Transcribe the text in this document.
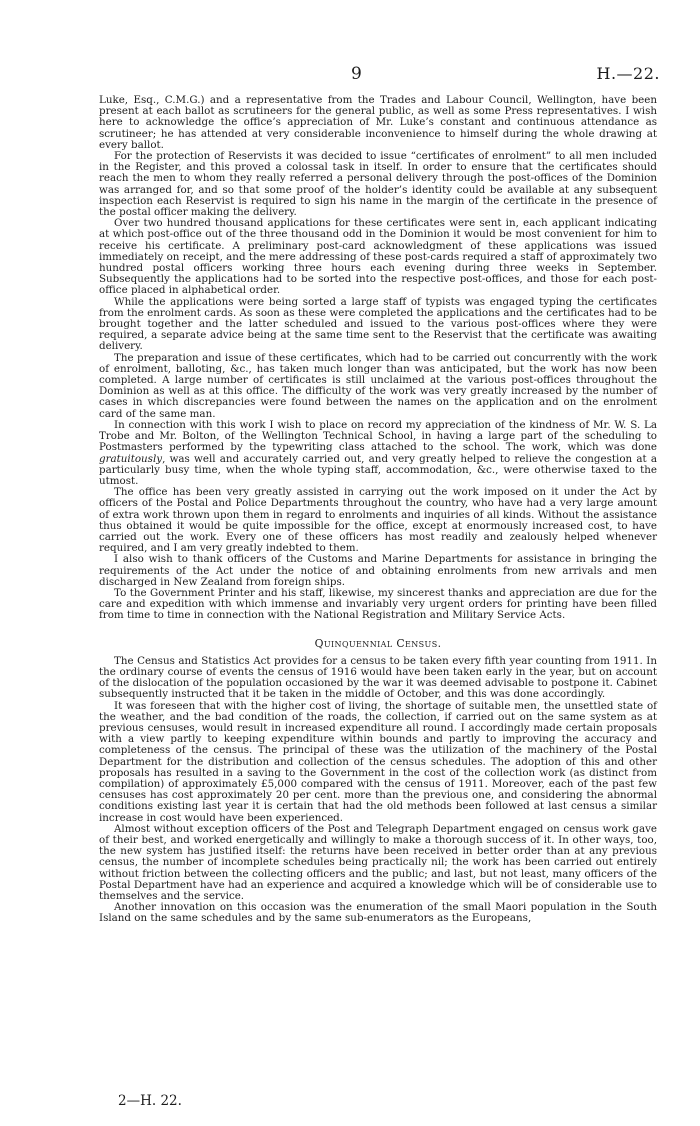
9	H.—22.

Luke, Esq., C.M.G.) and a representative from the Trades and Labour Council, Wellington, have been present at each ballot as scrutineers for the general public, as well as some Press representatives. I wish here to acknowledge the office’s appreciation of Mr. Luke’s constant and continuous attendance as scrutineer; he has attended at very considerable inconvenience to himself during the whole drawing at every ballot.

For the protection of Reservists it was decided to issue “certificates of enrolment” to all men included in the Register, and this proved a colossal task in itself. In order to ensure that the certificates should reach the men to whom they really referred a personal delivery through the post-offices of the Dominion was arranged for, and so that some proof of the holder’s identity could be available at any subsequent inspection each Reservist is required to sign his name in the margin of the certificate in the presence of the postal officer making the delivery.

Over two hundred thousand applications for these certificates were sent in, each applicant indicating at which post-office out of the three thousand odd in the Dominion it would be most convenient for him to receive his certificate. A preliminary post-card acknowledgment of these applications was issued immediately on receipt, and the mere addressing of these post-cards required a staff of approximately two hundred postal officers working three hours each evening during three weeks in September. Subsequently the applications had to be sorted into the respective post-offices, and those for each post-office placed in alphabetical order.

While the applications were being sorted a large staff of typists was engaged typing the certificates from the enrolment cards. As soon as these were completed the applications and the certificates had to be brought together and the latter scheduled and issued to the various post-offices where they were required, a separate advice being at the same time sent to the Reservist that the certificate was awaiting delivery.

The preparation and issue of these certificates, which had to be carried out concurrently with the work of enrolment, balloting, &c., has taken much longer than was anticipated, but the work has now been completed. A large number of certificates is still unclaimed at the various post-offices throughout the Dominion as well as at this office. The difficulty of the work was very greatly increased by the number of cases in which discrepancies were found between the names on the application and on the enrolment card of the same man.

In connection with this work I wish to place on record my appreciation of the kindness of Mr. W. S. La Trobe and Mr. Bolton, of the Wellington Technical School, in having a large part of the scheduling to Postmasters performed by the typewriting class attached to the school. The work, which was done gratuitously, was well and accurately carried out, and very greatly helped to relieve the congestion at a particularly busy time, when the whole typing staff, accommodation, &c., were otherwise taxed to the utmost.

The office has been very greatly assisted in carrying out the work imposed on it under the Act by officers of the Postal and Police Departments throughout the country, who have had a very large amount of extra work thrown upon them in regard to enrolments and inquiries of all kinds. Without the assistance thus obtained it would be quite impossible for the office, except at enormously increased cost, to have carried out the work. Every one of these officers has most readily and zealously helped whenever required, and I am very greatly indebted to them.

I also wish to thank officers of the Customs and Marine Departments for assistance in bringing the requirements of the Act under the notice of and obtaining enrolments from new arrivals and men discharged in New Zealand from foreign ships.

To the Government Printer and his staff, likewise, my sincerest thanks and appreciation are due for the care and expedition with which immense and invariably very urgent orders for printing have been filled from time to time in connection with the National Registration and Military Service Acts.

Quinquennial Census.

The Census and Statistics Act provides for a census to be taken every fifth year counting from 1911. In the ordinary course of events the census of 1916 would have been taken early in the year, but on account of the dislocation of the population occasioned by the war it was deemed advisable to postpone it. Cabinet subsequently instructed that it be taken in the middle of October, and this was done accordingly.

It was foreseen that with the higher cost of living, the shortage of suitable men, the unsettled state of the weather, and the bad condition of the roads, the collection, if carried out on the same system as at previous censuses, would result in increased expenditure all round. I accordingly made certain proposals with a view partly to keeping expenditure within bounds and partly to improving the accuracy and completeness of the census. The principal of these was the utilization of the machinery of the Postal Department for the distribution and collection of the census schedules. The adoption of this and other proposals has resulted in a saving to the Government in the cost of the collection work (as distinct from compilation) of approximately £5,000 compared with the census of 1911. Moreover, each of the past few censuses has cost approximately 20 per cent. more than the previous one, and considering the abnormal conditions existing last year it is certain that had the old methods been followed at last census a similar increase in cost would have been experienced.

Almost without exception officers of the Post and Telegraph Department engaged on census work gave of their best, and worked energetically and willingly to make a thorough success of it. In other ways, too, the new system has justified itself: the returns have been received in better order than at any previous census, the number of incomplete schedules being practically nil; the work has been carried out entirely without friction between the collecting officers and the public; and last, but not least, many officers of the Postal Department have had an experience and acquired a knowledge which will be of considerable use to themselves and the service.

Another innovation on this occasion was the enumeration of the small Maori population in the South Island on the same schedules and by the same sub-enumerators as the Europeans,

2—H. 22.
